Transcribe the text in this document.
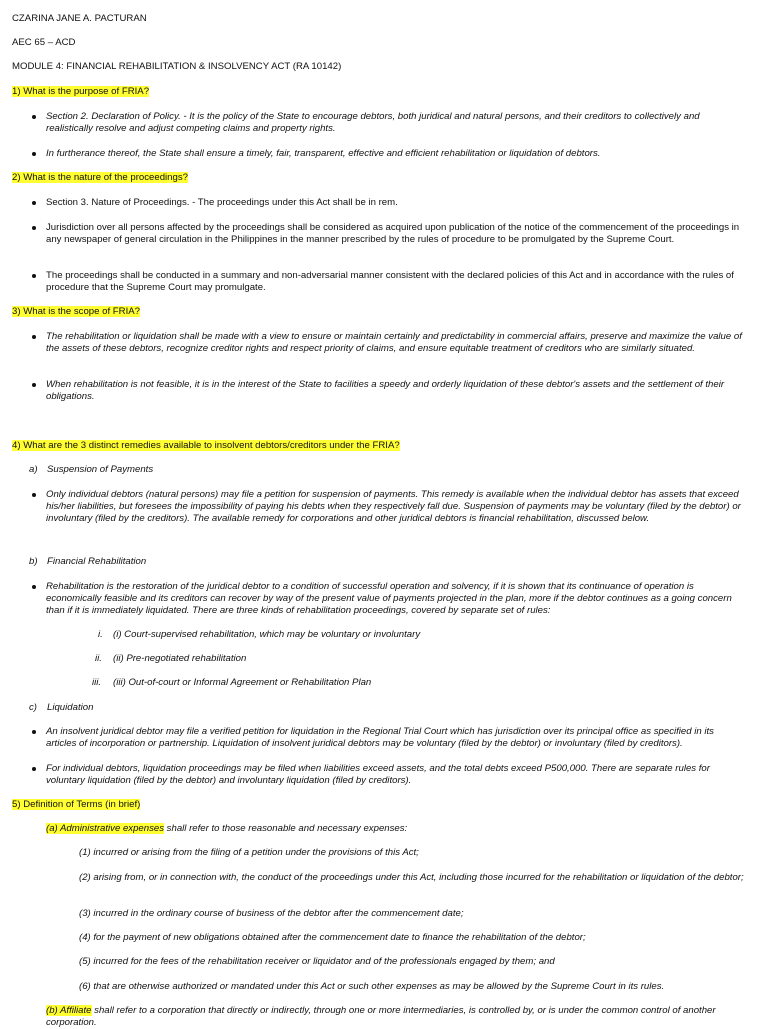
CZARINA JANE A. PACTURAN
AEC 65 – ACD
MODULE 4: FINANCIAL REHABILITATION & INSOLVENCY ACT (RA 10142)
1) What is the purpose of FRIA?
Section 2. Declaration of Policy. - It is the policy of the State to encourage debtors, both juridical and natural persons, and their creditors to collectively and realistically resolve and adjust competing claims and property rights.
In furtherance thereof, the State shall ensure a timely, fair, transparent, effective and efficient rehabilitation or liquidation of debtors.
2) What is the nature of the proceedings?
Section 3. Nature of Proceedings. - The proceedings under this Act shall be in rem.
Jurisdiction over all persons affected by the proceedings shall be considered as acquired upon publication of the notice of the commencement of the proceedings in any newspaper of general circulation in the Philippines in the manner prescribed by the rules of procedure to be promulgated by the Supreme Court.
The proceedings shall be conducted in a summary and non-adversarial manner consistent with the declared policies of this Act and in accordance with the rules of procedure that the Supreme Court may promulgate.
3) What is the scope of FRIA?
The rehabilitation or liquidation shall be made with a view to ensure or maintain certainly and predictability in commercial affairs, preserve and maximize the value of the assets of these debtors, recognize creditor rights and respect priority of claims, and ensure equitable treatment of creditors who are similarly situated.
When rehabilitation is not feasible, it is in the interest of the State to facilities a speedy and orderly liquidation of these debtor's assets and the settlement of their obligations.
4) What are the 3 distinct remedies available to insolvent debtors/creditors under the FRIA?
a) Suspension of Payments
Only individual debtors (natural persons) may file a petition for suspension of payments. This remedy is available when the individual debtor has assets that exceed his/her liabilities, but foresees the impossibility of paying his debts when they respectively fall due. Suspension of payments may be voluntary (filed by the debtor) or involuntary (filed by the creditors). The available remedy for corporations and other juridical debtors is financial rehabilitation, discussed below.
b) Financial Rehabilitation
Rehabilitation is the restoration of the juridical debtor to a condition of successful operation and solvency, if it is shown that its continuance of operation is economically feasible and its creditors can recover by way of the present value of payments projected in the plan, more if the debtor continues as a going concern than if it is immediately liquidated. There are three kinds of rehabilitation proceedings, covered by separate set of rules:
i. (i) Court-supervised rehabilitation, which may be voluntary or involuntary
ii. (ii) Pre-negotiated rehabilitation
iii. (iii) Out-of-court or Informal Agreement or Rehabilitation Plan
c) Liquidation
An insolvent juridical debtor may file a verified petition for liquidation in the Regional Trial Court which has jurisdiction over its principal office as specified in its articles of incorporation or partnership. Liquidation of insolvent juridical debtors may be voluntary (filed by the debtor) or involuntary (filed by creditors).
For individual debtors, liquidation proceedings may be filed when liabilities exceed assets, and the total debts exceed P500,000. There are separate rules for voluntary liquidation (filed by the debtor) and involuntary liquidation (filed by creditors).
5) Definition of Terms (in brief)
(a) Administrative expenses shall refer to those reasonable and necessary expenses:
(1) incurred or arising from the filing of a petition under the provisions of this Act;
(2) arising from, or in connection with, the conduct of the proceedings under this Act, including those incurred for the rehabilitation or liquidation of the debtor;
(3) incurred in the ordinary course of business of the debtor after the commencement date;
(4) for the payment of new obligations obtained after the commencement date to finance the rehabilitation of the debtor;
(5) incurred for the fees of the rehabilitation receiver or liquidator and of the professionals engaged by them; and
(6) that are otherwise authorized or mandated under this Act or such other expenses as may be allowed by the Supreme Court in its rules.
(b) Affiliate shall refer to a corporation that directly or indirectly, through one or more intermediaries, is controlled by, or is under the common control of another corporation.
